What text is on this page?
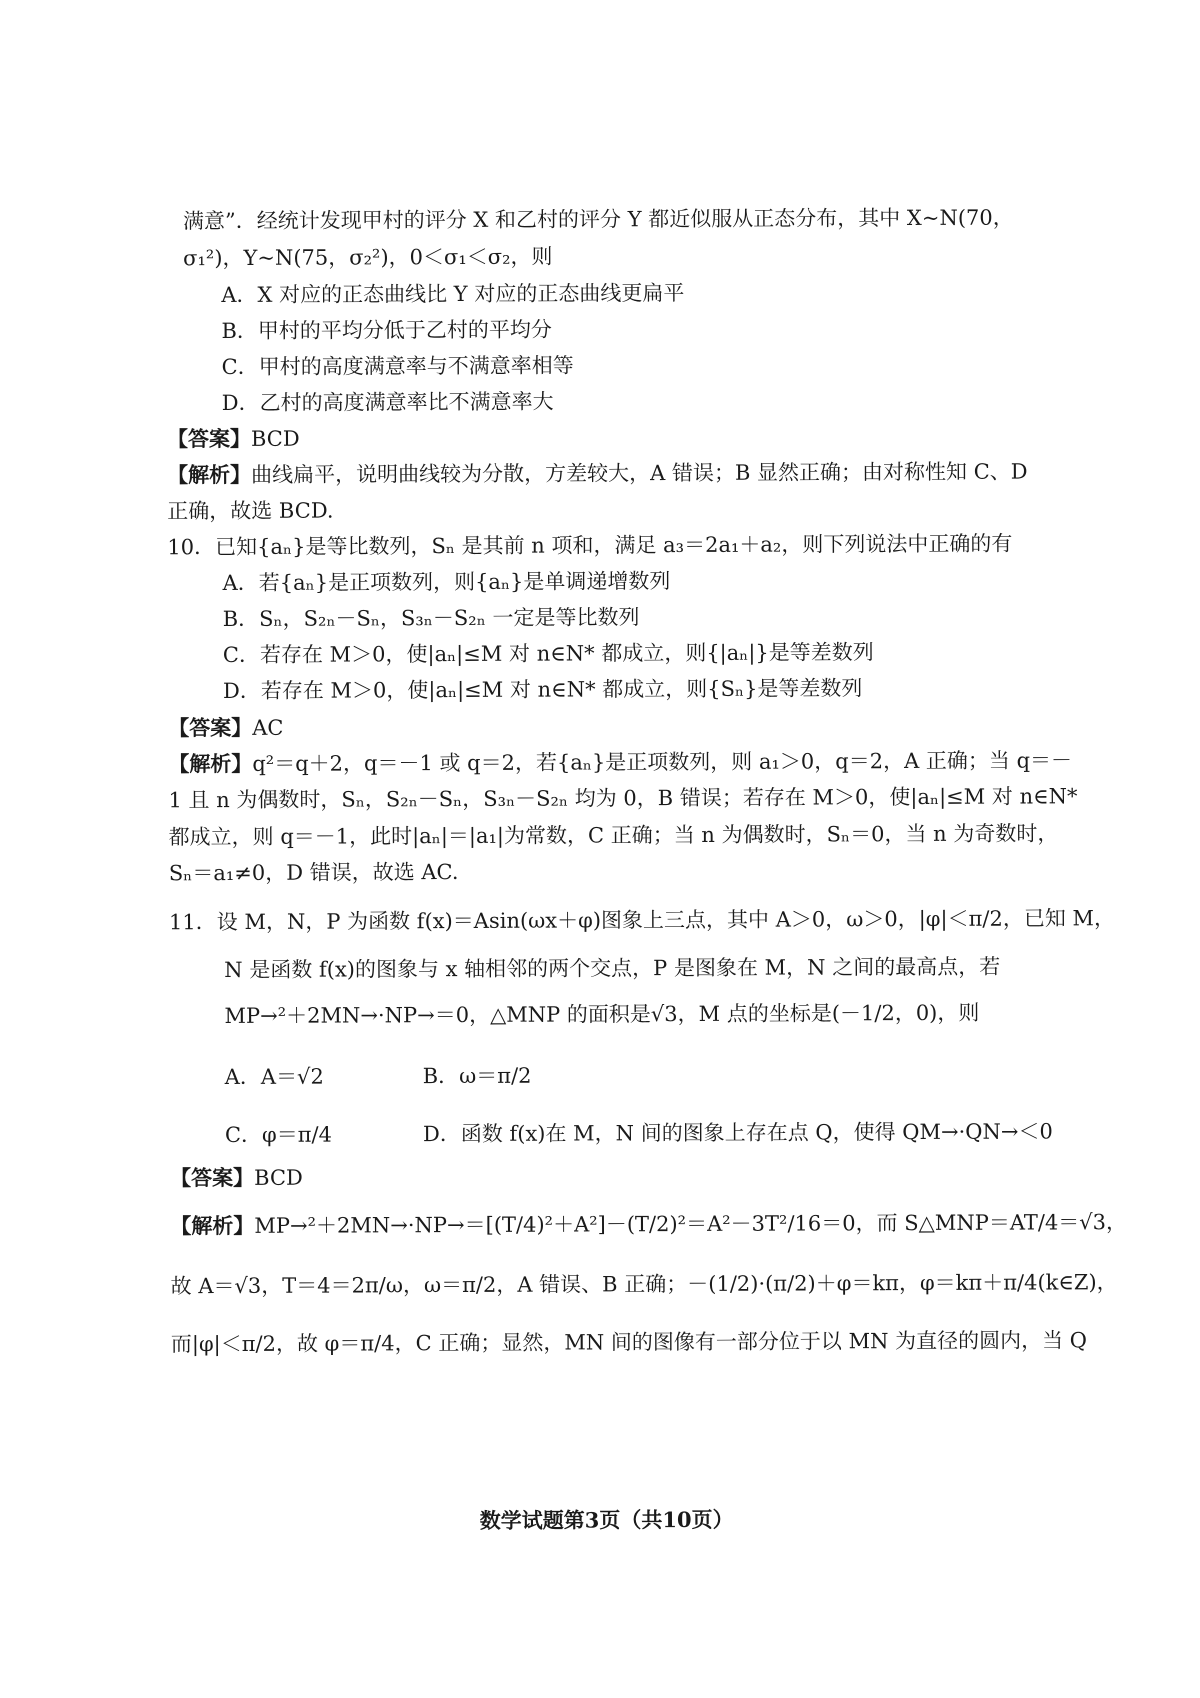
满意”．经统计发现甲村的评分 X 和乙村的评分 Y 都近似服从正态分布，其中 X~N(70，
σ₁²)，Y~N(75，σ₂²)，0＜σ₁＜σ₂，则
A．X 对应的正态曲线比 Y 对应的正态曲线更扁平
B．甲村的平均分低于乙村的平均分
C．甲村的高度满意率与不满意率相等
D．乙村的高度满意率比不满意率大
【答案】BCD
【解析】曲线扁平，说明曲线较为分散，方差较大，A 错误；B 显然正确；由对称性知 C、D
正确，故选 BCD.
10．已知{aₙ}是等比数列，Sₙ 是其前 n 项和，满足 a₃＝2a₁＋a₂，则下列说法中正确的有
A．若{aₙ}是正项数列，则{aₙ}是单调递增数列
B．Sₙ，S₂ₙ－Sₙ，S₃ₙ－S₂ₙ 一定是等比数列
C．若存在 M＞0，使|aₙ|≤M 对 n∈N* 都成立，则{|aₙ|}是等差数列
D．若存在 M＞0，使|aₙ|≤M 对 n∈N* 都成立，则{Sₙ}是等差数列
【答案】AC
【解析】q²＝q＋2，q＝－1 或 q＝2，若{aₙ}是正项数列，则 a₁＞0，q＝2，A 正确；当 q＝－
1 且 n 为偶数时，Sₙ，S₂ₙ－Sₙ，S₃ₙ－S₂ₙ 均为 0，B 错误；若存在 M＞0，使|aₙ|≤M 对 n∈N*
都成立，则 q＝－1，此时|aₙ|＝|a₁|为常数，C 正确；当 n 为偶数时，Sₙ＝0，当 n 为奇数时，
Sₙ＝a₁≠0，D 错误，故选 AC.
11．设 M，N，P 为函数 f(x)＝Asin(ωx＋φ)图象上三点，其中 A＞0，ω＞0，|φ|＜π/2，已知 M，
N 是函数 f(x)的图象与 x 轴相邻的两个交点，P 是图象在 M，N 之间的最高点，若
MP→²＋2MN→·NP→＝0，△MNP 的面积是√3，M 点的坐标是(－1/2，0)，则
A．A＝√2	B．ω＝π/2
C．φ＝π/4	D．函数 f(x)在 M，N 间的图象上存在点 Q，使得 QM→·QN→＜0
【答案】BCD
【解析】MP→²＋2MN→·NP→＝[(T/4)²＋A²]－(T/2)²＝A²－3T²/16＝0，而 S△MNP＝AT/4＝√3，
故 A＝√3，T＝4＝2π/ω，ω＝π/2，A 错误、B 正确；－(1/2)·(π/2)＋φ＝kπ，φ＝kπ＋π/4(k∈Z)，
而|φ|＜π/2，故 φ＝π/4，C 正确；显然，MN 间的图像有一部分位于以 MN 为直径的圆内，当 Q
数学试题第3页（共10页）
